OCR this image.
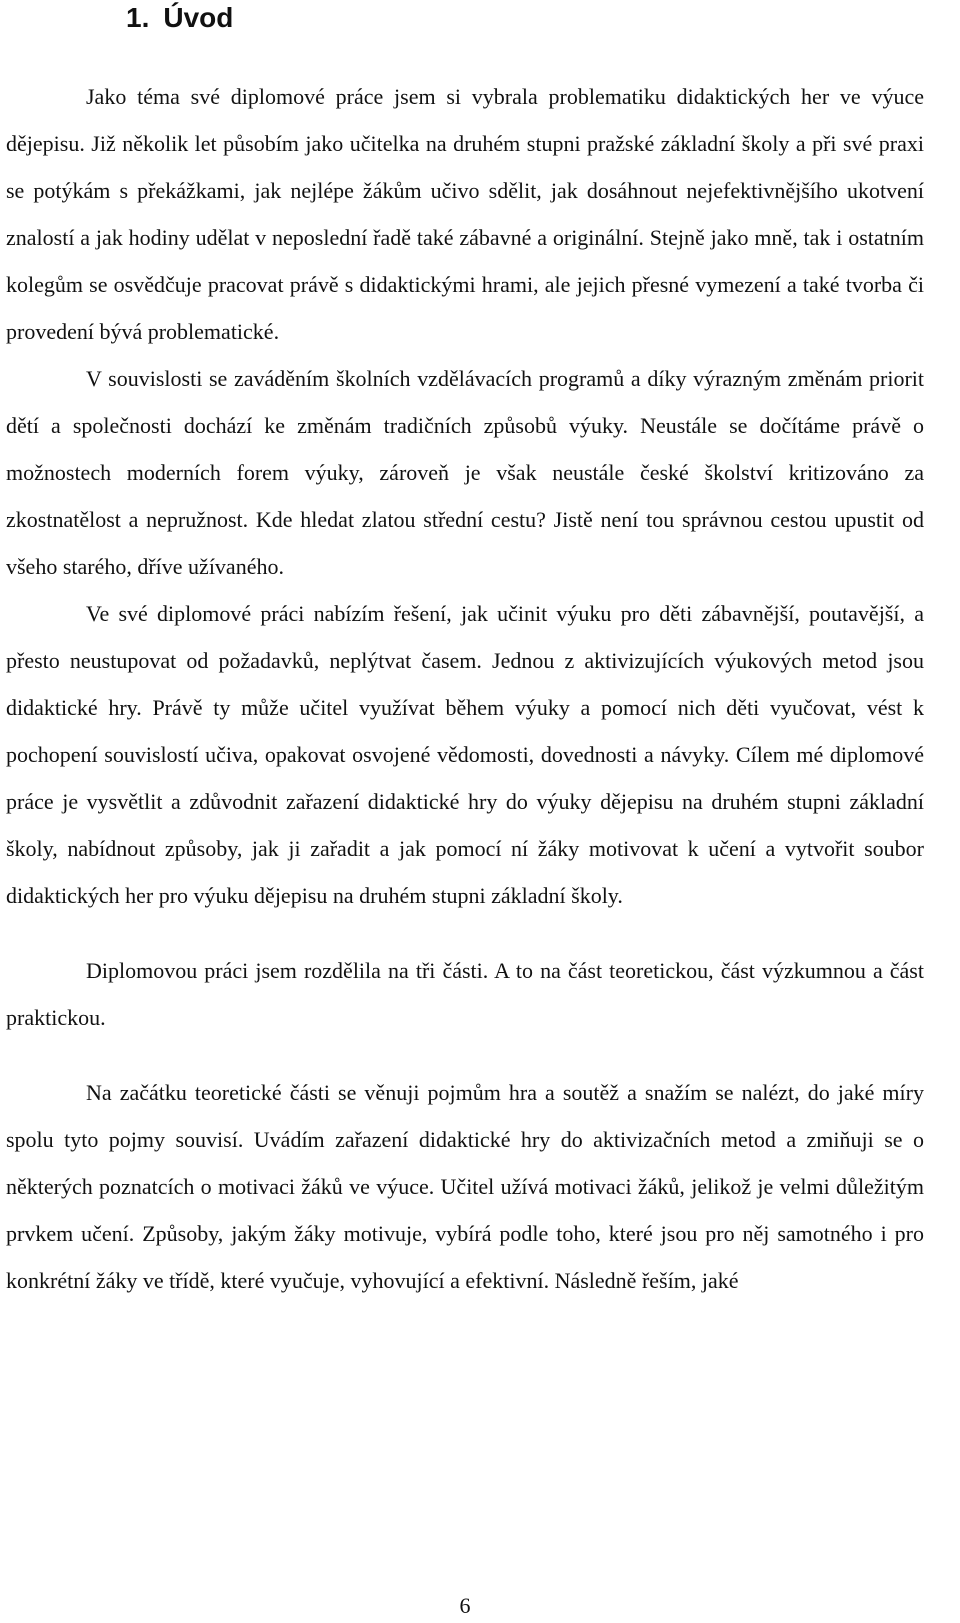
1. Úvod

Jako téma své diplomové práce jsem si vybrala problematiku didaktických her ve výuce dějepisu. Již několik let působím jako učitelka na druhém stupni pražské základní školy a při své praxi se potýkám s překážkami, jak nejlépe žákům učivo sdělit, jak dosáhnout nejefektivnějšího ukotvení znalostí a jak hodiny udělat v neposlední řadě také zábavné a originální. Stejně jako mně, tak i ostatním kolegům se osvědčuje pracovat právě s didaktickými hrami, ale jejich přesné vymezení a také tvorba či provedení bývá problematické.

V souvislosti se zaváděním školních vzdělávacích programů a díky výrazným změnám priorit dětí a společnosti dochází ke změnám tradičních způsobů výuky. Neustále se dočítáme právě o možnostech moderních forem výuky, zároveň je však neustále české školství kritizováno za zkostnatělost a nepružnost. Kde hledat zlatou střední cestu? Jistě není tou správnou cestou upustit od všeho starého, dříve užívaného.

Ve své diplomové práci nabízím řešení, jak učinit výuku pro děti zábavnější, poutavější, a přesto neustupovat od požadavků, neplýtvat časem. Jednou z aktivizujících výukových metod jsou didaktické hry. Právě ty může učitel využívat během výuky a pomocí nich děti vyučovat, vést k pochopení souvislostí učiva, opakovat osvojené vědomosti, dovednosti a návyky. Cílem mé diplomové práce je vysvětlit a zdůvodnit zařazení didaktické hry do výuky dějepisu na druhém stupni základní školy, nabídnout způsoby, jak ji zařadit a jak pomocí ní žáky motivovat k učení a vytvořit soubor didaktických her pro výuku dějepisu na druhém stupni základní školy.

Diplomovou práci jsem rozdělila na tři části. A to na část teoretickou, část výzkumnou a část praktickou.

Na začátku teoretické části se věnuji pojmům hra a soutěž a snažím se nalézt, do jaké míry spolu tyto pojmy souvisí. Uvádím zařazení didaktické hry do aktivizačních metod a zmiňuji se o některých poznatcích o motivaci žáků ve výuce. Učitel užívá motivaci žáků, jelikož je velmi důležitým prvkem učení. Způsoby, jakým žáky motivuje, vybírá podle toho, které jsou pro něj samotného i pro konkrétní žáky ve třídě, které vyučuje, vyhovující a efektivní. Následně řeším, jaké

6
